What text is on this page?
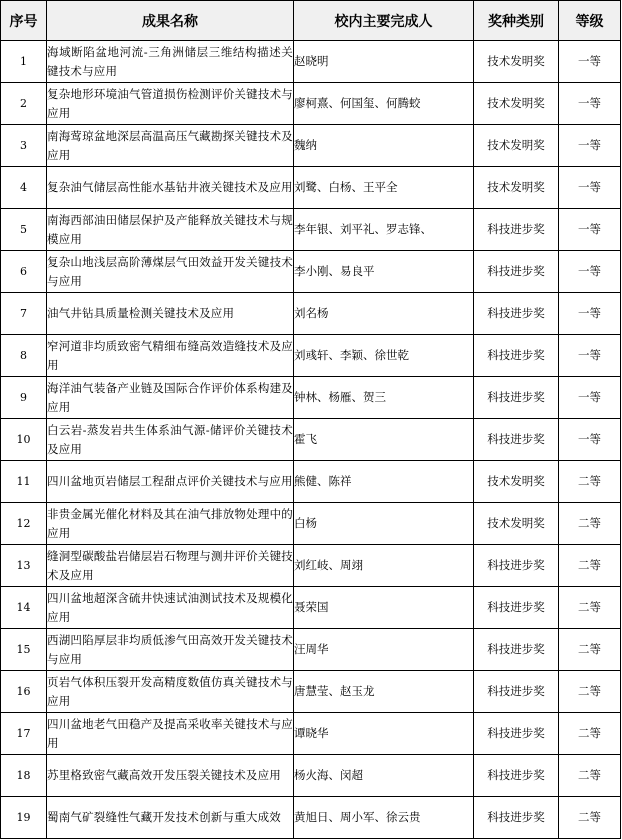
序号	成果名称	校内主要完成人	奖种类别	等级
1	海域断陷盆地河流-三角洲储层三维结构描述关键技术与应用	赵晓明	技术发明奖	一等
2	复杂地形环境油气管道损伤检测评价关键技术与应用	廖柯熹、何国玺、何腾蛟	技术发明奖	一等
3	南海莺琼盆地深层高温高压气藏勘探关键技术及应用	魏纳	技术发明奖	一等
4	复杂油气储层高性能水基钻井液关键技术及应用	刘鹭、白杨、王平全	技术发明奖	一等
5	南海西部油田储层保护及产能释放关键技术与规模应用	李年银、刘平礼、罗志锋、	科技进步奖	一等
6	复杂山地浅层高阶薄煤层气田效益开发关键技术与应用	李小刚、易良平	科技进步奖	一等
7	油气井钻具质量检测关键技术及应用	刘名杨	科技进步奖	一等
8	窄河道非均质致密气精细布缝高效造缝技术及应用	刘彧轩、李颖、徐世乾	科技进步奖	一等
9	海洋油气装备产业链及国际合作评价体系构建及应用	钟林、杨雁、贺三	科技进步奖	一等
10	白云岩-蒸发岩共生体系油气源-储评价关键技术及应用	霍飞	科技进步奖	一等
11	四川盆地页岩储层工程甜点评价关键技术与应用	熊健、陈祥	技术发明奖	二等
12	非贵金属光催化材料及其在油气排放物处理中的应用	白杨	技术发明奖	二等
13	缝洞型碳酸盐岩储层岩石物理与测井评价关键技术及应用	刘红岐、周翊	科技进步奖	二等
14	四川盆地超深含硫井快速试油测试技术及规模化应用	聂荣国	科技进步奖	二等
15	西湖凹陷厚层非均质低渗气田高效开发关键技术与应用	汪周华	科技进步奖	二等
16	页岩气体积压裂开发高精度数值仿真关键技术与应用	唐慧莹、赵玉龙	科技进步奖	二等
17	四川盆地老气田稳产及提高采收率关键技术与应用	谭晓华	科技进步奖	二等
18	苏里格致密气藏高效开发压裂关键技术及应用	杨火海、闵超	科技进步奖	二等
19	蜀南气矿裂缝性气藏开发技术创新与重大成效	黄旭日、周小军、徐云贵	科技进步奖	二等
